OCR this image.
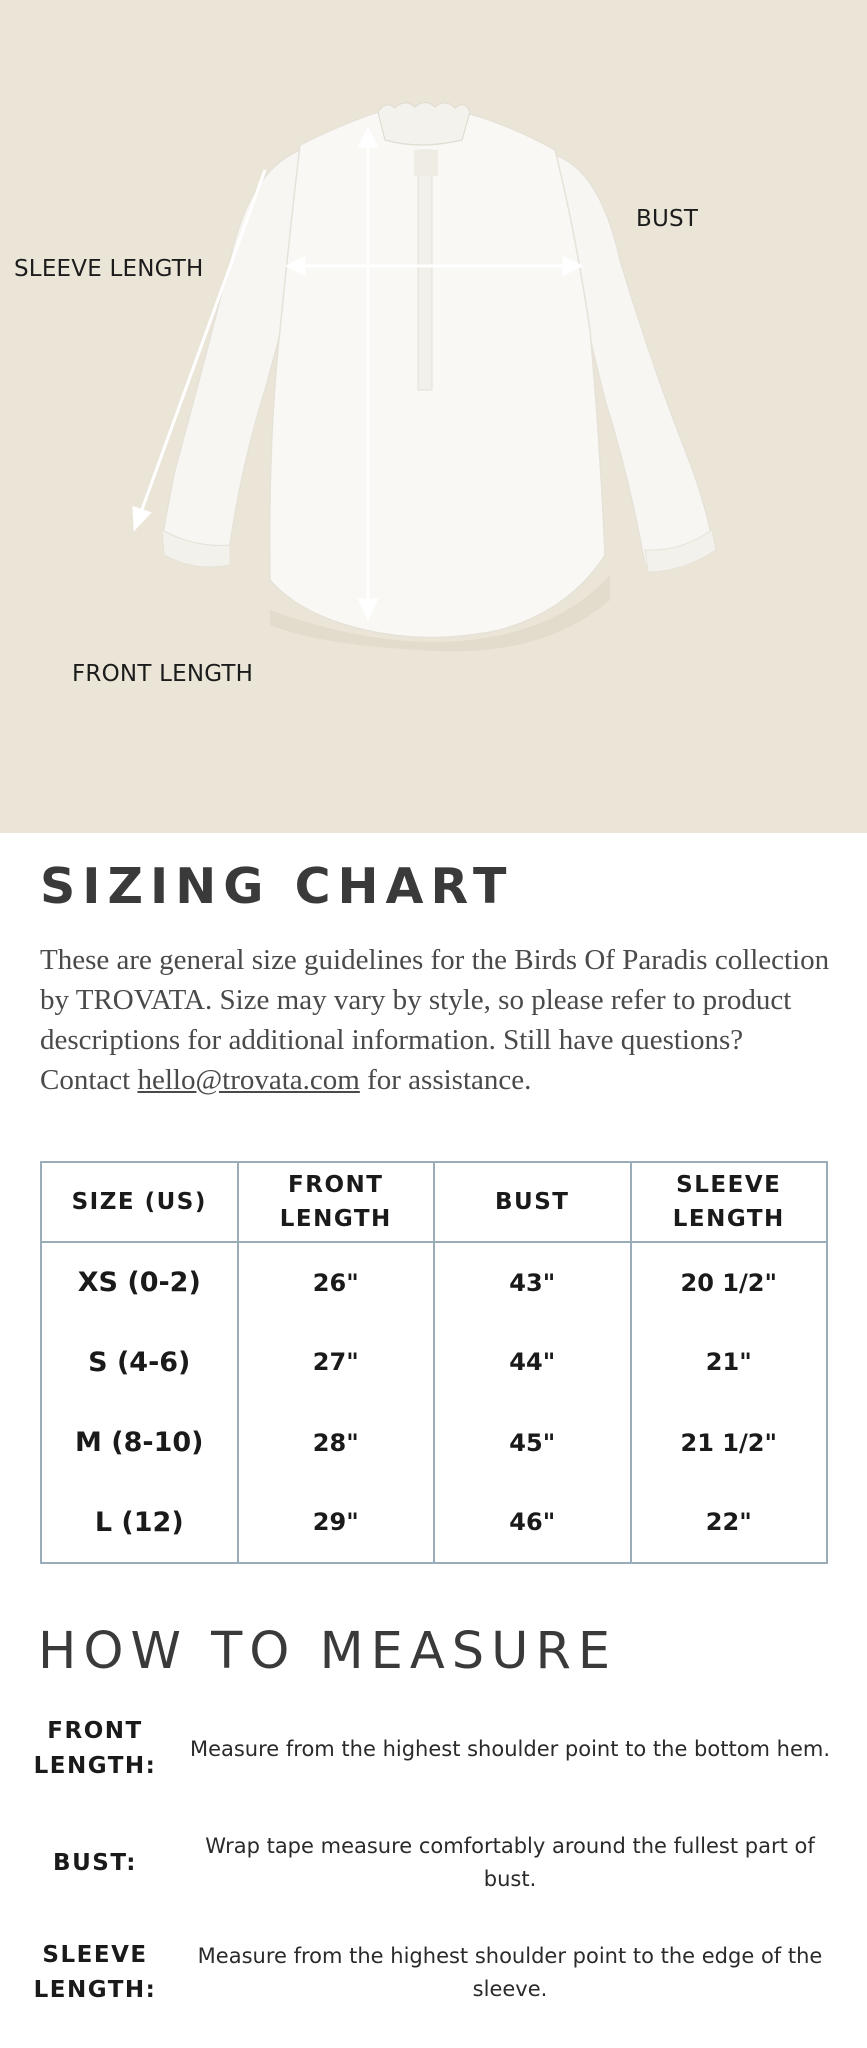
SLEEVE LENGTH
BUST
FRONT LENGTH
SIZING CHART

These are general size guidelines for the Birds Of Paradis collection by TROVATA. Size may vary by style, so please refer to product descriptions for additional information. Still have questions? Contact hello@trovata.com for assistance.

SIZE (US)	FRONT LENGTH	BUST	SLEEVE LENGTH
XS (0-2)	26"	43"	20 1/2"
S (4-6)	27"	44"	21"
M (8-10)	28"	45"	21 1/2"
L (12)	29"	46"	22"
HOW TO MEASURE
FRONT LENGTH:
Measure from the highest shoulder point to the bottom hem.
BUST:
Wrap tape measure comfortably around the fullest part of bust.
SLEEVE LENGTH:
Measure from the highest shoulder point to the edge of the sleeve.
